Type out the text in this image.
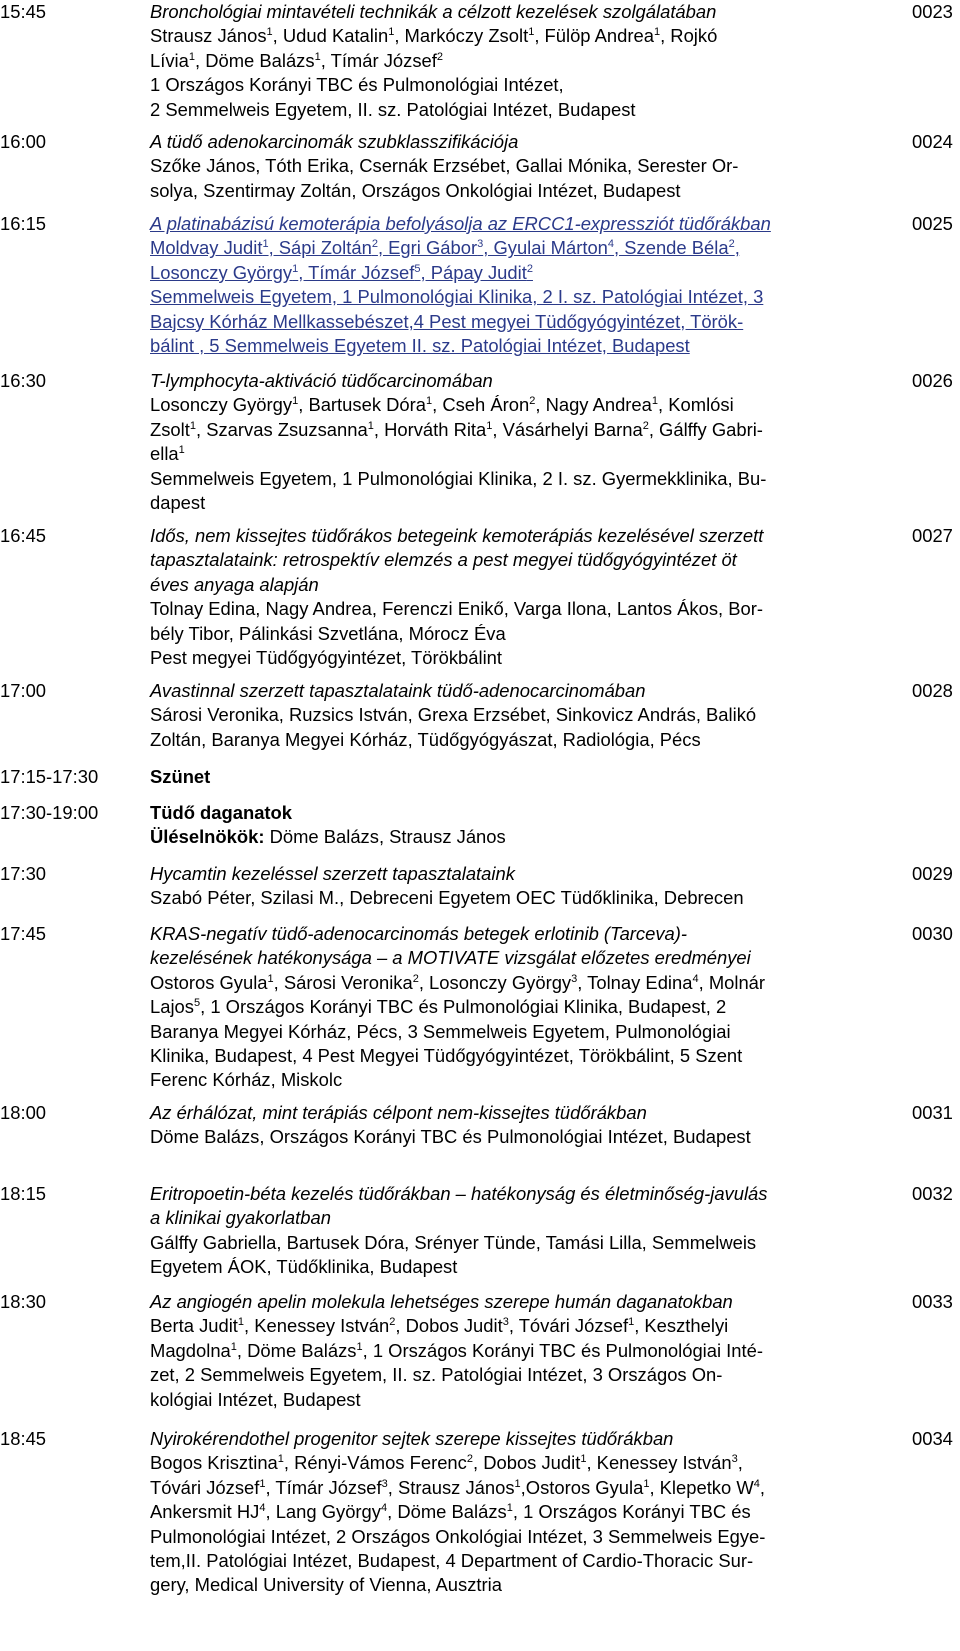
15:45	Bronchológiai mintavételi technikák a célzott kezelések szolgálatában
Strausz János$^1$, Udud Katalin$^1$, Markóczy Zsolt$^1$, Fülöp Andrea$^1$, Rojkó
Lívia$^1$, Döme Balázs$^1$, Tímár József$^2$
1 Országos Korányi TBC és Pulmonológiai Intézet,
2 Semmelweis Egyetem, II. sz. Patológiai Intézet, Budapest
0023
16:00	A tüdő adenokarcinomák szubklasszifikációja
Szőke János, Tóth Erika, Csernák Erzsébet, Gallai Mónika, Serester Or-
solya, Szentirmay Zoltán, Országos Onkológiai Intézet, Budapest
0024
16:15	A platinabázisú kemoterápia befolyásolja az ERCC1-expressziót tüdőrákban
Moldvay Judit$^1$, Sápi Zoltán$^2$, Egri Gábor$^3$, Gyulai Márton$^4$, Szende Béla$^2$,
Losonczy György$^1$, Tímár József$^5$, Pápay Judit$^2$
Semmelweis Egyetem, 1 Pulmonológiai Klinika, 2 I. sz. Patológiai Intézet, 3
Bajcsy Kórház Mellkassebészet,4 Pest megyei Tüdőgyógyintézet, Török-
bálint , 5 Semmelweis Egyetem II. sz. Patológiai Intézet, Budapest
0025
16:30	T-lymphocyta-aktiváció tüdőcarcinomában
Losonczy György$^1$, Bartusek Dóra$^1$, Cseh Áron$^2$, Nagy Andrea$^1$, Komlósi
Zsolt$^1$, Szarvas Zsuzsanna$^1$, Horváth Rita$^1$, Vásárhelyi Barna$^2$, Gálffy Gabri-
ella$^1$
Semmelweis Egyetem, 1 Pulmonológiai Klinika, 2 I. sz. Gyermekklinika, Bu-
dapest
0026
16:45	Idős, nem kissejtes tüdőrákos betegeink kemoterápiás kezelésével szerzett
tapasztalataink: retrospektív elemzés a pest megyei tüdőgyógyintézet öt
éves anyaga alapján
Tolnay Edina, Nagy Andrea, Ferenczi Enikő, Varga Ilona, Lantos Ákos, Bor-
bély Tibor, Pálinkási Szvetlána, Mórocz Éva
Pest megyei Tüdőgyógyintézet, Törökbálint
0027
17:00	Avastinnal szerzett tapasztalataink tüdő-adenocarcinomában
Sárosi Veronika, Ruzsics István, Grexa Erzsébet, Sinkovicz András, Balikó
Zoltán, Baranya Megyei Kórház, Tüdőgyógyászat, Radiológia, Pécs
0028
17:15-17:30	Szünet
17:30-19:00	Tüdő daganatok
Üléselnökök: Döme Balázs, Strausz János
17:30	Hycamtin kezeléssel szerzett tapasztalataink
Szabó Péter, Szilasi M., Debreceni Egyetem OEC Tüdőklinika, Debrecen
0029
17:45	KRAS-negatív tüdő-adenocarcinomás betegek erlotinib (Tarceva)-
kezelésének hatékonysága – a MOTIVATE vizsgálat előzetes eredményei
Ostoros Gyula$^1$, Sárosi Veronika$^2$, Losonczy György$^3$, Tolnay Edina$^4$, Molnár
Lajos$^5$, 1 Országos Korányi TBC és Pulmonológiai Klinika, Budapest, 2
Baranya Megyei Kórház, Pécs, 3 Semmelweis Egyetem, Pulmonológiai
Klinika, Budapest, 4 Pest Megyei Tüdőgyógyintézet, Törökbálint, 5 Szent
Ferenc Kórház, Miskolc
0030
18:00	Az érhálózat, mint terápiás célpont nem-kissejtes tüdőrákban
Döme Balázs, Országos Korányi TBC és Pulmonológiai Intézet, Budapest
0031
18:15	Eritropoetin-béta kezelés tüdőrákban – hatékonyság és életminőség-javulás
a klinikai gyakorlatban
Gálffy Gabriella, Bartusek Dóra, Srényer Tünde, Tamási Lilla, Semmelweis
Egyetem ÁOK, Tüdőklinika, Budapest
0032
18:30	Az angiogén apelin molekula lehetséges szerepe humán daganatokban
Berta Judit$^1$, Kenessey István$^2$, Dobos Judit$^3$, Tóvári József$^1$, Keszthelyi
Magdolna$^1$, Döme Balázs$^1$, 1 Országos Korányi TBC és Pulmonológiai Inté-
zet, 2 Semmelweis Egyetem, II. sz. Patológiai Intézet, 3 Országos On-
kológiai Intézet, Budapest
0033
18:45	Nyirokérendothel progenitor sejtek szerepe kissejtes tüdőrákban
Bogos Krisztina$^1$, Rényi-Vámos Ferenc$^2$, Dobos Judit$^1$, Kenessey István$^3$,
Tóvári József$^1$, Tímár József$^3$, Strausz János$^1$,Ostoros Gyula$^1$, Klepetko $W^4$,
Ankersmit $HJ^4$, Lang György$^4$, Döme Balázs$^1$, 1 Országos Korányi TBC és
Pulmonológiai Intézet, 2 Országos Onkológiai Intézet, 3 Semmelweis Egye-
tem,II. Patológiai Intézet, Budapest, 4 Department of Cardio-Thoracic Sur-
gery, Medical University of Vienna, Ausztria
0034
